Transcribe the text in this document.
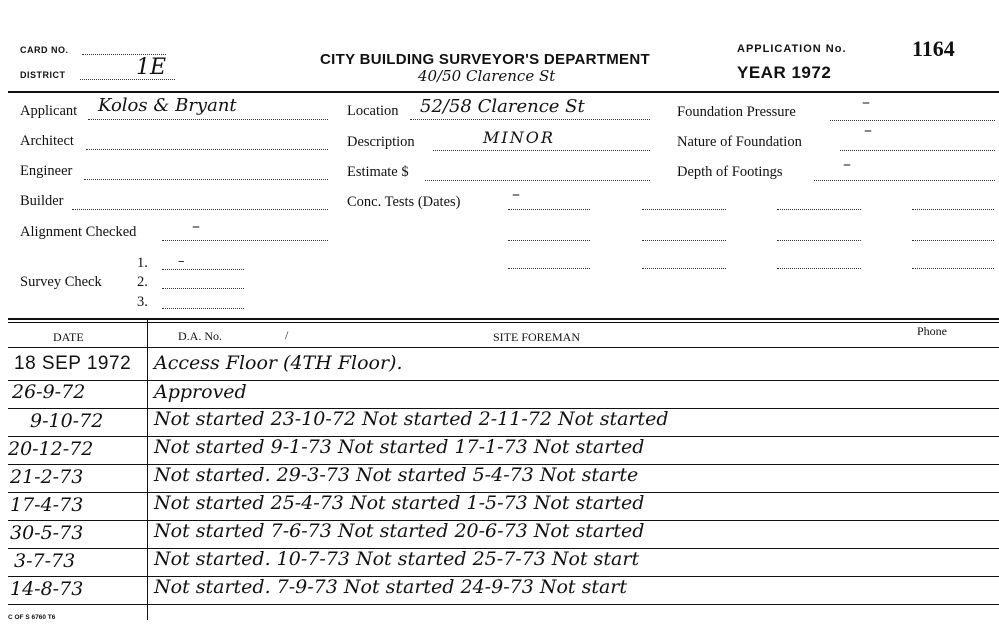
CARD NO.
DISTRICT	1E	CITY BUILDING SURVEYOR'S DEPARTMENT
40/50 Clarence St
APPLICATION No.	1164
YEAR 1972
Applicant Kolos & Bryant
Architect
Engineer
Builder
Alignment Checked	–
Survey Check
1.
2.
3.
–
Location 52/58 Clarence St
Description	MINOR
Estimate $
Conc. Tests (Dates)	–
Foundation Pressure
–
Nature of Foundation
–
Depth of Footings	–
DATE	D.A. No.	/	SITE FOREMAN	Phone
18 SEP 1972 Access Floor (4TH Floor).
26-9-72	Approved
9-10-72	Not started 23-10-72 Not started 2-11-72 Not started
20-12-72	Not started 9-1-73 Not started 17-1-73 Not started
21-2-73	Not started. 29-3-73 Not started 5-4-73 Not starte
17-4-73	Not started 25-4-73 Not started 1-5-73 Not started
30-5-73	Not started 7-6-73 Not started 20-6-73 Not started
3-7-73	Not started. 10-7-73 Not started 25-7-73 Not start
14-8-73	Not started. 7-9-73 Not started 24-9-73 Not start
C OF S 6760 T6
